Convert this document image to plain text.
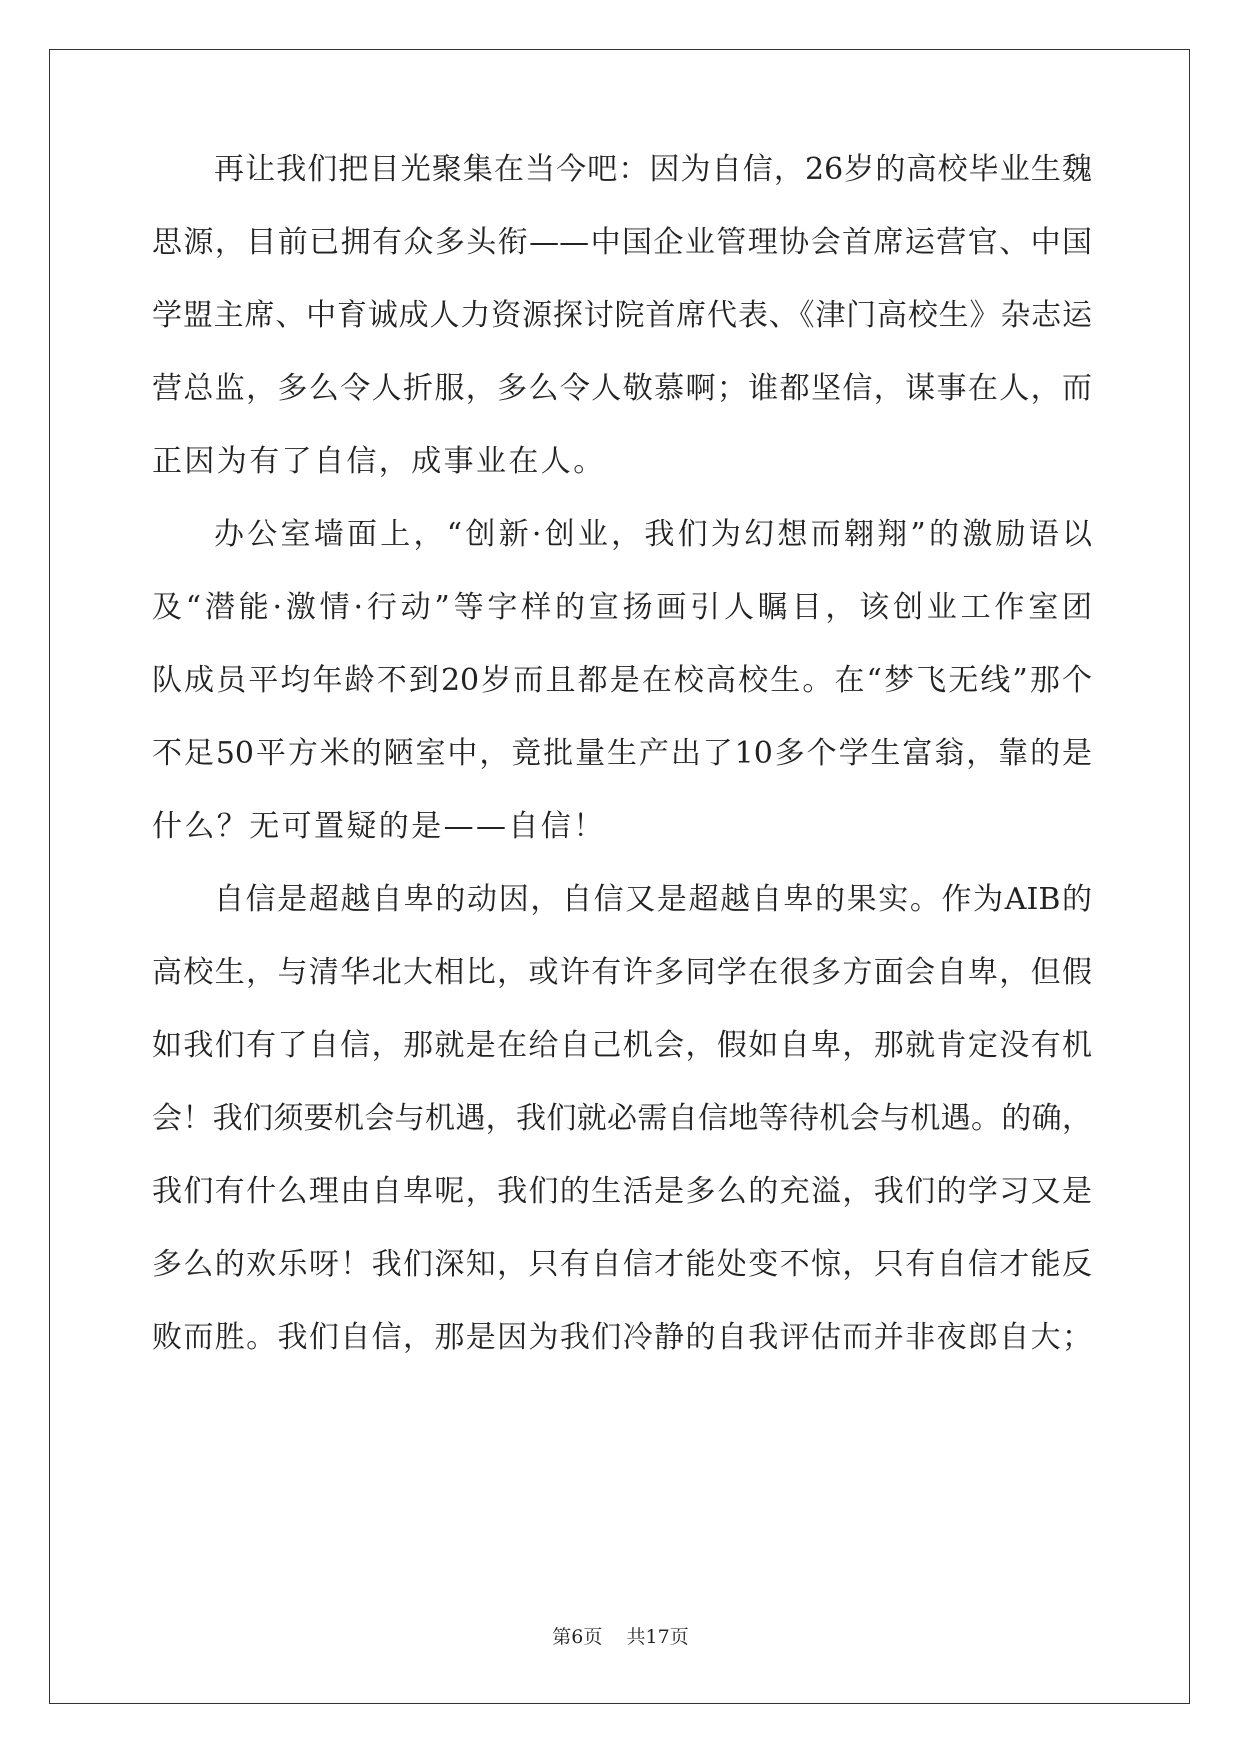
再让我们把目光聚集在当今吧：因为自信，26岁的高校毕业生魏
思源，目前已拥有众多头衔——中国企业管理协会首席运营官、中国
学盟主席、中育诚成人力资源探讨院首席代表、《津门高校生》杂志运
营总监，多么令人折服，多么令人敬慕啊；谁都坚信，谋事在人，而
正因为有了自信，成事业在人。
办公室墙面上，“创新·创业，我们为幻想而翱翔”的激励语以
及“潜能·激情·行动”等字样的宣扬画引人瞩目，该创业工作室团
队成员平均年龄不到20岁而且都是在校高校生。在“梦飞无线”那个
不足50平方米的陋室中，竟批量生产出了10多个学生富翁，靠的是
什么？无可置疑的是——自信！
自信是超越自卑的动因，自信又是超越自卑的果实。作为AIB的
高校生，与清华北大相比，或许有许多同学在很多方面会自卑，但假
如我们有了自信，那就是在给自己机会，假如自卑，那就肯定没有机
会！我们须要机会与机遇，我们就必需自信地等待机会与机遇。的确，
我们有什么理由自卑呢，我们的生活是多么的充溢，我们的学习又是
多么的欢乐呀！我们深知，只有自信才能处变不惊，只有自信才能反
败而胜。我们自信，那是因为我们冷静的自我评估而并非夜郎自大；
第6页 共17页
